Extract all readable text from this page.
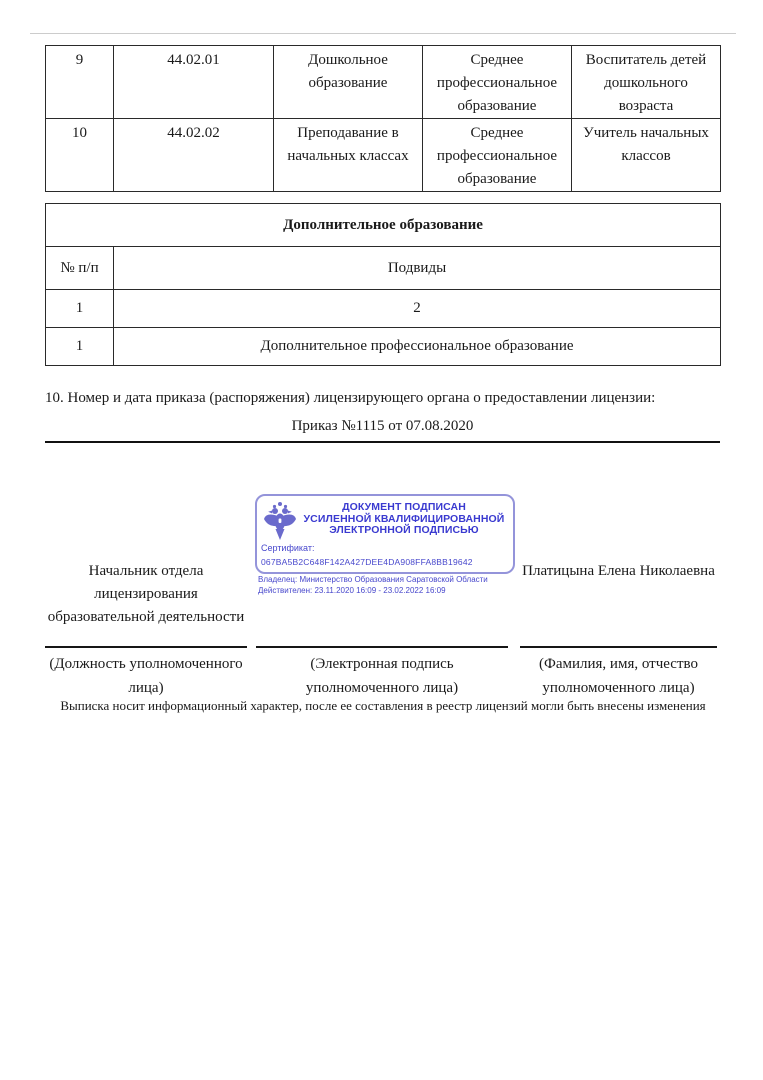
9	44.02.01	Дошкольное образование	Среднее профессиональное образование	Воспитатель детей дошкольного возраста
10	44.02.02	Преподавание в начальных классах	Среднее профессиональное образование	Учитель начальных классов
Дополнительное образование	
№ п/п	Подвиды
1	2
1	Дополнительное профессиональное образование
10. Номер и дата приказа (распоряжения) лицензирующего органа о предоставлении лицензии:
Приказ №1115 от 07.08.2020
ДОКУМЕНТ ПОДПИСАН
УСИЛЕННОЙ КВАЛИФИЦИРОВАННОЙ
ЭЛЕКТРОННОЙ ПОДПИСЬЮ
Сертификат:
067BA5B2C648F142A427DEE4DA908FFA8BB19642
Владелец: Министерство Образования Саратовской Области
Действителен: 23.11.2020 16:09 - 23.02.2022 16:09
Начальник отдела лицензирования образовательной деятельности
Платицына Елена Николаевна
(Должность уполномоченного лица)
(Электронная подпись уполномоченного лица)
(Фамилия, имя, отчество уполномоченного лица)
Выписка носит информационный характер, после ее составления в реестр лицензий могли быть внесены изменения
